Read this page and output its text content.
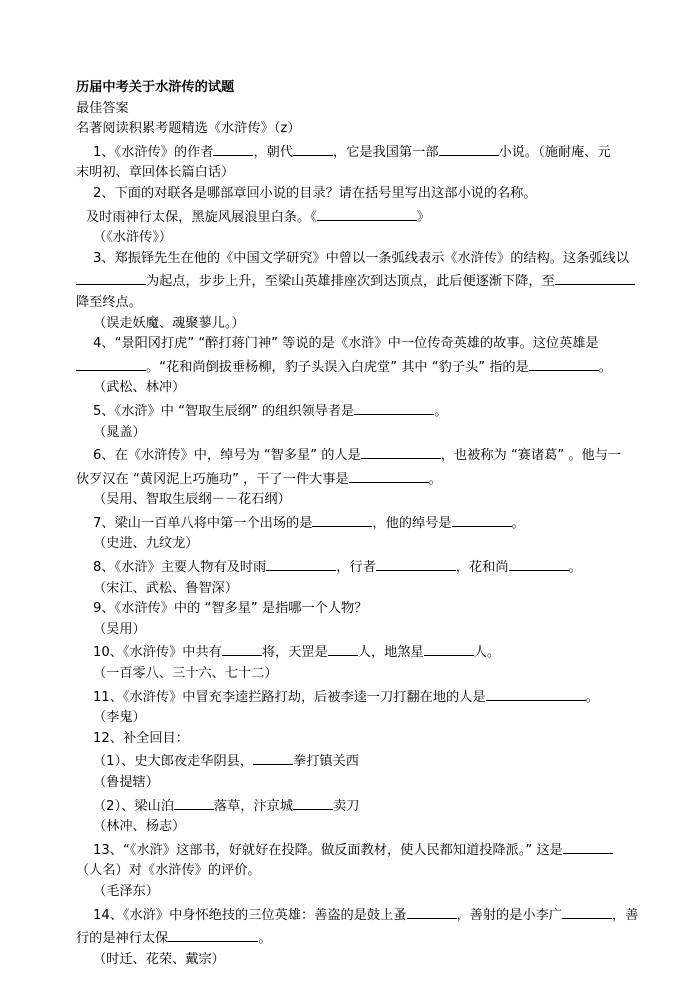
历届中考关于水浒传的试题
最佳答案
名著阅读积累考题精选《水浒传》（z）
1、《水浒传》的作者	，朝代	，它是我国第一部	小说。（施耐庵、元
末明初、章回体长篇白话）
2、下面的对联各是哪部章回小说的目录？请在括号里写出这部小说的名称。
及时雨神行太保，黑旋风展浪里白条。《	》
（《水浒传》）
3、郑振铎先生在他的《中国文学研究》中曾以一条弧线表示《水浒传》的结构。这条弧线以
为起点，步步上升，至梁山英雄排座次到达顶点，此后便逐渐下降，至
降至终点。
（误走妖魔、魂聚蓼儿。）
4、“景阳冈打虎” “醉打蒋门神” 等说的是《水浒》中一位传奇英雄的故事。这位英雄是
。“花和尚倒拔垂杨柳，豹子头误入白虎堂” 其中 “豹子头” 指的是	。
（武松、林冲）
5、《水浒》中 “智取生辰纲” 的组织领导者是	。
（晁盖）
6、在《水浒传》中，绰号为 “智多星” 的人是	，也被称为 “赛诸葛” 。他与一
伙歹汉在 “黄冈泥上巧施功” ，干了一件大事是	。
（吴用、智取生辰纲－－花石纲）
7、梁山一百单八将中第一个出场的是	，他的绰号是	。
（史进、九纹龙）
8、《水浒》主要人物有及时雨	，行者	，花和尚	。
（宋江、武松、鲁智深）
9、《水浒传》中的 “智多星” 是指哪一个人物？
（吴用）
10、《水浒传》中共有	将，天罡是 人，地煞星	人。
（一百零八、三十六、七十二）
11、《水浒传》中冒充李逵拦路打劫，后被李逵一刀打翻在地的人是	。
（李鬼）
12、补全回目：
（1）、史大郎夜走华阴县，	拳打镇关西
（鲁提辖）
（2）、梁山泊	落草，汴京城	卖刀
（林冲、杨志）
13、“《水浒》这部书，好就好在投降。做反面教材，使人民都知道投降派。” 这是
（人名）对《水浒传》的评价。
（毛泽东）
14、《水浒》中身怀绝技的三位英雄：善盗的是鼓上蚤	，善射的是小李广	，善
行的是神行太保	。
（时迁、花荣、戴宗）
